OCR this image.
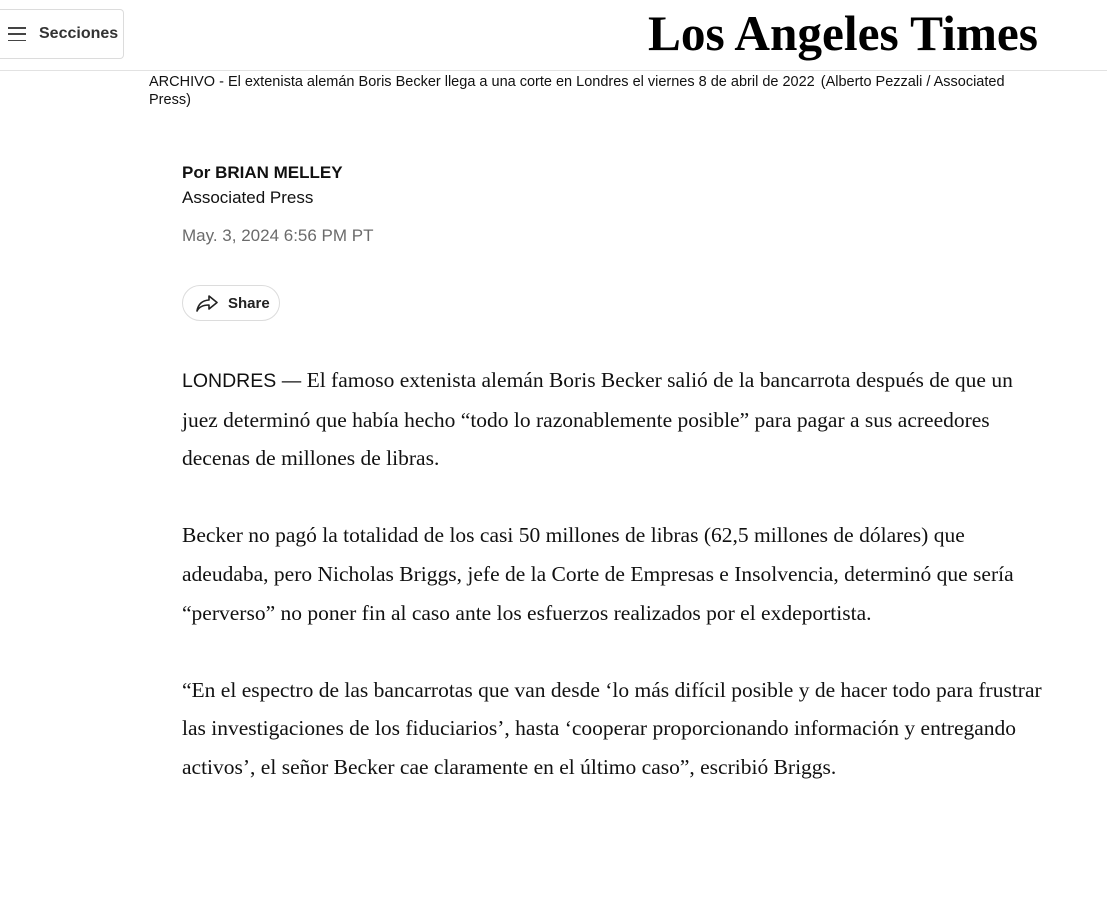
Secciones	Los Angeles Times
ARCHIVO - El extenista alemán Boris Becker llega a una corte en Londres el viernes 8 de abril de 2022 (Alberto Pezzali / Associated Press)
Por BRIAN MELLEY
Associated Press
May. 3, 2024 6:56 PM PT
Share

LONDRES — El famoso extenista alemán Boris Becker salió de la bancarrota después de que un juez determinó que había hecho “todo lo razonablemente posible” para pagar a sus acreedores decenas de millones de libras.

Becker no pagó la totalidad de los casi 50 millones de libras (62,5 millones de dólares) que adeudaba, pero Nicholas Briggs, jefe de la Corte de Empresas e Insolvencia, determinó que sería “perverso” no poner fin al caso ante los esfuerzos realizados por el exdeportista.

“En el espectro de las bancarrotas que van desde ‘lo más difícil posible y de hacer todo para frustrar las investigaciones de los fiduciarios’, hasta ‘cooperar proporcionando información y entregando activos’, el señor Becker cae claramente en el último caso”, escribió Briggs.
